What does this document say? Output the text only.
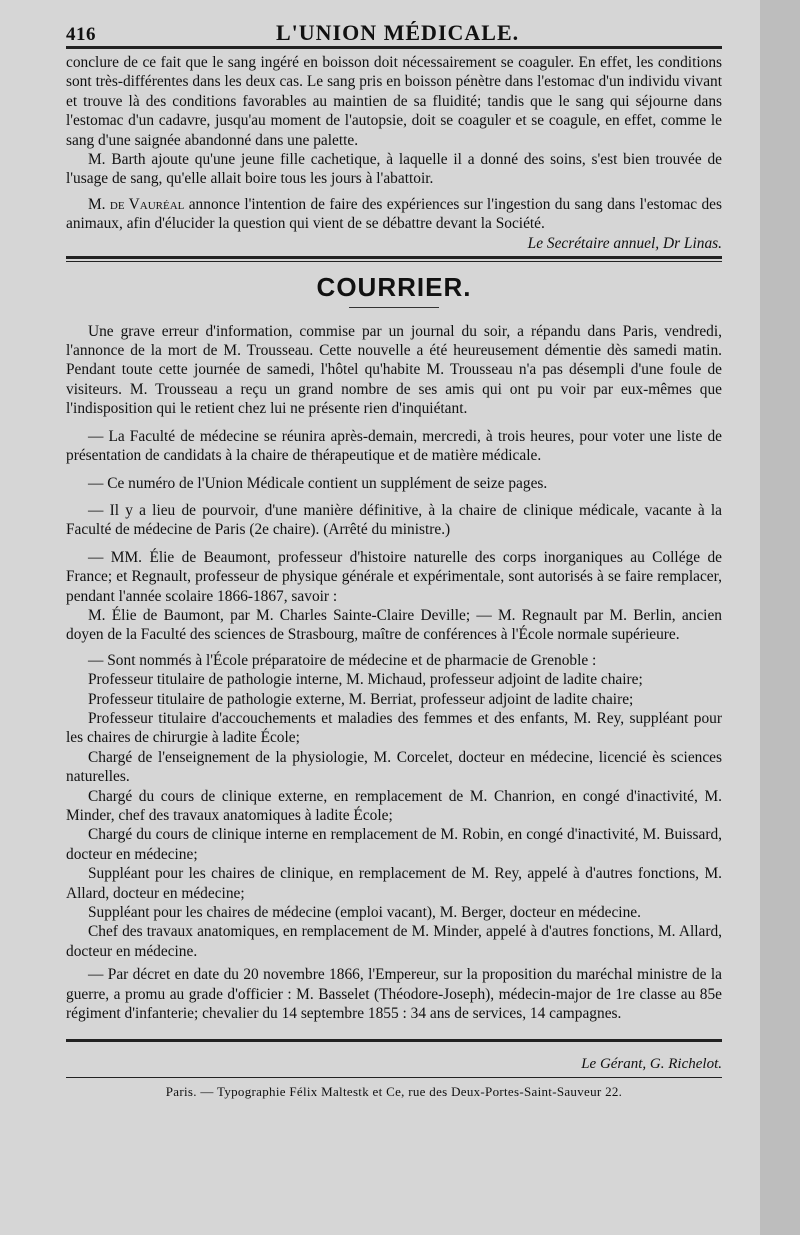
416	L'UNION MÉDICALE.

conclure de ce fait que le sang ingéré en boisson doit nécessairement se coaguler. En effet, les conditions sont très-différentes dans les deux cas. Le sang pris en boisson pénètre dans l'estomac d'un individu vivant et trouve là des conditions favorables au maintien de sa fluidité; tandis que le sang qui séjourne dans l'estomac d'un cadavre, jusqu'au moment de l'autopsie, doit se coaguler et se coagule, en effet, comme le sang d'une saignée abandonné dans une palette.

M. Barth ajoute qu'une jeune fille cachetique, à laquelle il a donné des soins, s'est bien trouvée de l'usage de sang, qu'elle allait boire tous les jours à l'abattoir.

M. de Vauréal annonce l'intention de faire des expériences sur l'ingestion du sang dans l'estomac des animaux, afin d'élucider la question qui vient de se débattre devant la Société.

Le Secrétaire annuel, Dr Linas.
COURRIER.

Une grave erreur d'information, commise par un journal du soir, a répandu dans Paris, vendredi, l'annonce de la mort de M. Trousseau. Cette nouvelle a été heureusement démentie dès samedi matin. Pendant toute cette journée de samedi, l'hôtel qu'habite M. Trousseau n'a pas désempli d'une foule de visiteurs. M. Trousseau a reçu un grand nombre de ses amis qui ont pu voir par eux-mêmes que l'indisposition qui le retient chez lui ne présente rien d'inquiétant.

— La Faculté de médecine se réunira après-demain, mercredi, à trois heures, pour voter une liste de présentation de candidats à la chaire de thérapeutique et de matière médicale.

— Ce numéro de l'Union Médicale contient un supplément de seize pages.

— Il y a lieu de pourvoir, d'une manière définitive, à la chaire de clinique médicale, vacante à la Faculté de médecine de Paris (2e chaire). (Arrêté du ministre.)

— MM. Élie de Beaumont, professeur d'histoire naturelle des corps inorganiques au Collége de France; et Regnault, professeur de physique générale et expérimentale, sont autorisés à se faire remplacer, pendant l'année scolaire 1866-1867, savoir :

M. Élie de Baumont, par M. Charles Sainte-Claire Deville; — M. Regnault par M. Berlin, ancien doyen de la Faculté des sciences de Strasbourg, maître de conférences à l'École normale supérieure.

— Sont nommés à l'École préparatoire de médecine et de pharmacie de Grenoble :

Professeur titulaire de pathologie interne, M. Michaud, professeur adjoint de ladite chaire;

Professeur titulaire de pathologie externe, M. Berriat, professeur adjoint de ladite chaire;

Professeur titulaire d'accouchements et maladies des femmes et des enfants, M. Rey, suppléant pour les chaires de chirurgie à ladite École;

Chargé de l'enseignement de la physiologie, M. Corcelet, docteur en médecine, licencié ès sciences naturelles.

Chargé du cours de clinique externe, en remplacement de M. Chanrion, en congé d'inactivité, M. Minder, chef des travaux anatomiques à ladite École;

Chargé du cours de clinique interne en remplacement de M. Robin, en congé d'inactivité, M. Buissard, docteur en médecine;

Suppléant pour les chaires de clinique, en remplacement de M. Rey, appelé à d'autres fonctions, M. Allard, docteur en médecine;

Suppléant pour les chaires de médecine (emploi vacant), M. Berger, docteur en médecine.

Chef des travaux anatomiques, en remplacement de M. Minder, appelé à d'autres fonctions, M. Allard, docteur en médecine.

— Par décret en date du 20 novembre 1866, l'Empereur, sur la proposition du maréchal ministre de la guerre, a promu au grade d'officier : M. Basselet (Théodore-Joseph), médecin-major de 1re classe au 85e régiment d'infanterie; chevalier du 14 septembre 1855 : 34 ans de services, 14 campagnes.

Le Gérant, G. Richelot.
Paris. — Typographie Félix Maltestk et Ce, rue des Deux-Portes-Saint-Sauveur 22.
